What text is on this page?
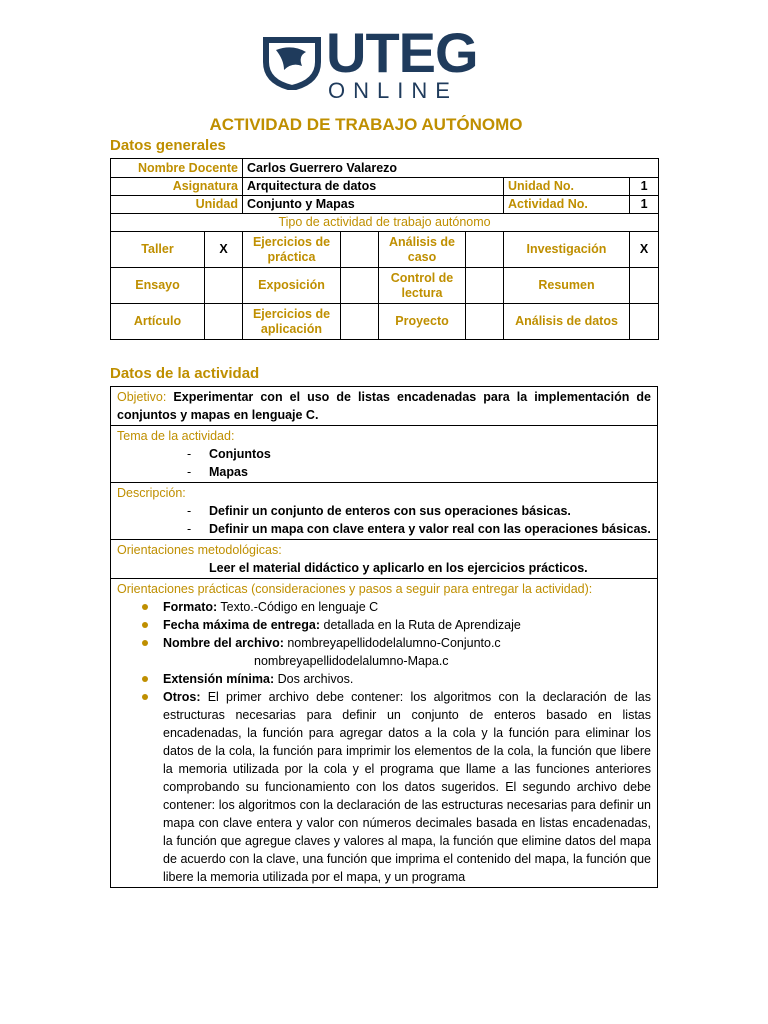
UTEG
ONLINE
ACTIVIDAD DE TRABAJO AUTÓNOMO
Datos generales
Nombre Docente		Carlos Guerrero Valarezo					
Asignatura		Arquitectura de datos				Unidad No.	1
Unidad		Conjunto y Mapas				Actividad No.	1
Tipo de actividad de trabajo autónomo							
Taller	X	Ejercicios de práctica		Análisis de caso		Investigación	X
Ensayo		Exposición		Control de lectura		Resumen	
Artículo		Ejercicios de aplicación		Proyecto		Análisis de datos	
Datos de la actividad
Objetivo: Experimentar con el uso de listas encadenadas para la implementación de conjuntos y mapas en lenguaje C.

Tema de la actividad:
- Conjuntos
- Mapas

Descripción:
- Definir un conjunto de enteros con sus operaciones básicas.
- Definir un mapa con clave entera y valor real con las operaciones básicas.

Orientaciones metodológicas:
Leer el material didáctico y aplicarlo en los ejercicios prácticos.

Orientaciones prácticas (consideraciones y pasos a seguir para entregar la actividad):
Formato: Texto.-Código en lenguaje C
Fecha máxima de entrega: detallada en la Ruta de Aprendizaje
Nombre del archivo: nombreyapellidodelalumno-Conjunto.c
nombreyapellidodelalumno-Mapa.c
Extensión mínima: Dos archivos.
Otros: El primer archivo debe contener: los algoritmos con la declaración de las estructuras necesarias para definir un conjunto de enteros basado en listas encadenadas, la función para agregar datos a la cola y la función para eliminar los datos de la cola, la función para imprimir los elementos de la cola, la función que libere la memoria utilizada por la cola y el programa que llame a las funciones anteriores comprobando su funcionamiento con los datos sugeridos. El segundo archivo debe contener: los algoritmos con la declaración de las estructuras necesarias para definir un mapa con clave entera y valor con números decimales basada en listas encadenadas, la función que agregue claves y valores al mapa, la función que elimine datos del mapa de acuerdo con la clave, una función que imprima el contenido del mapa, la función que libere la memoria utilizada por el mapa, y un programa
